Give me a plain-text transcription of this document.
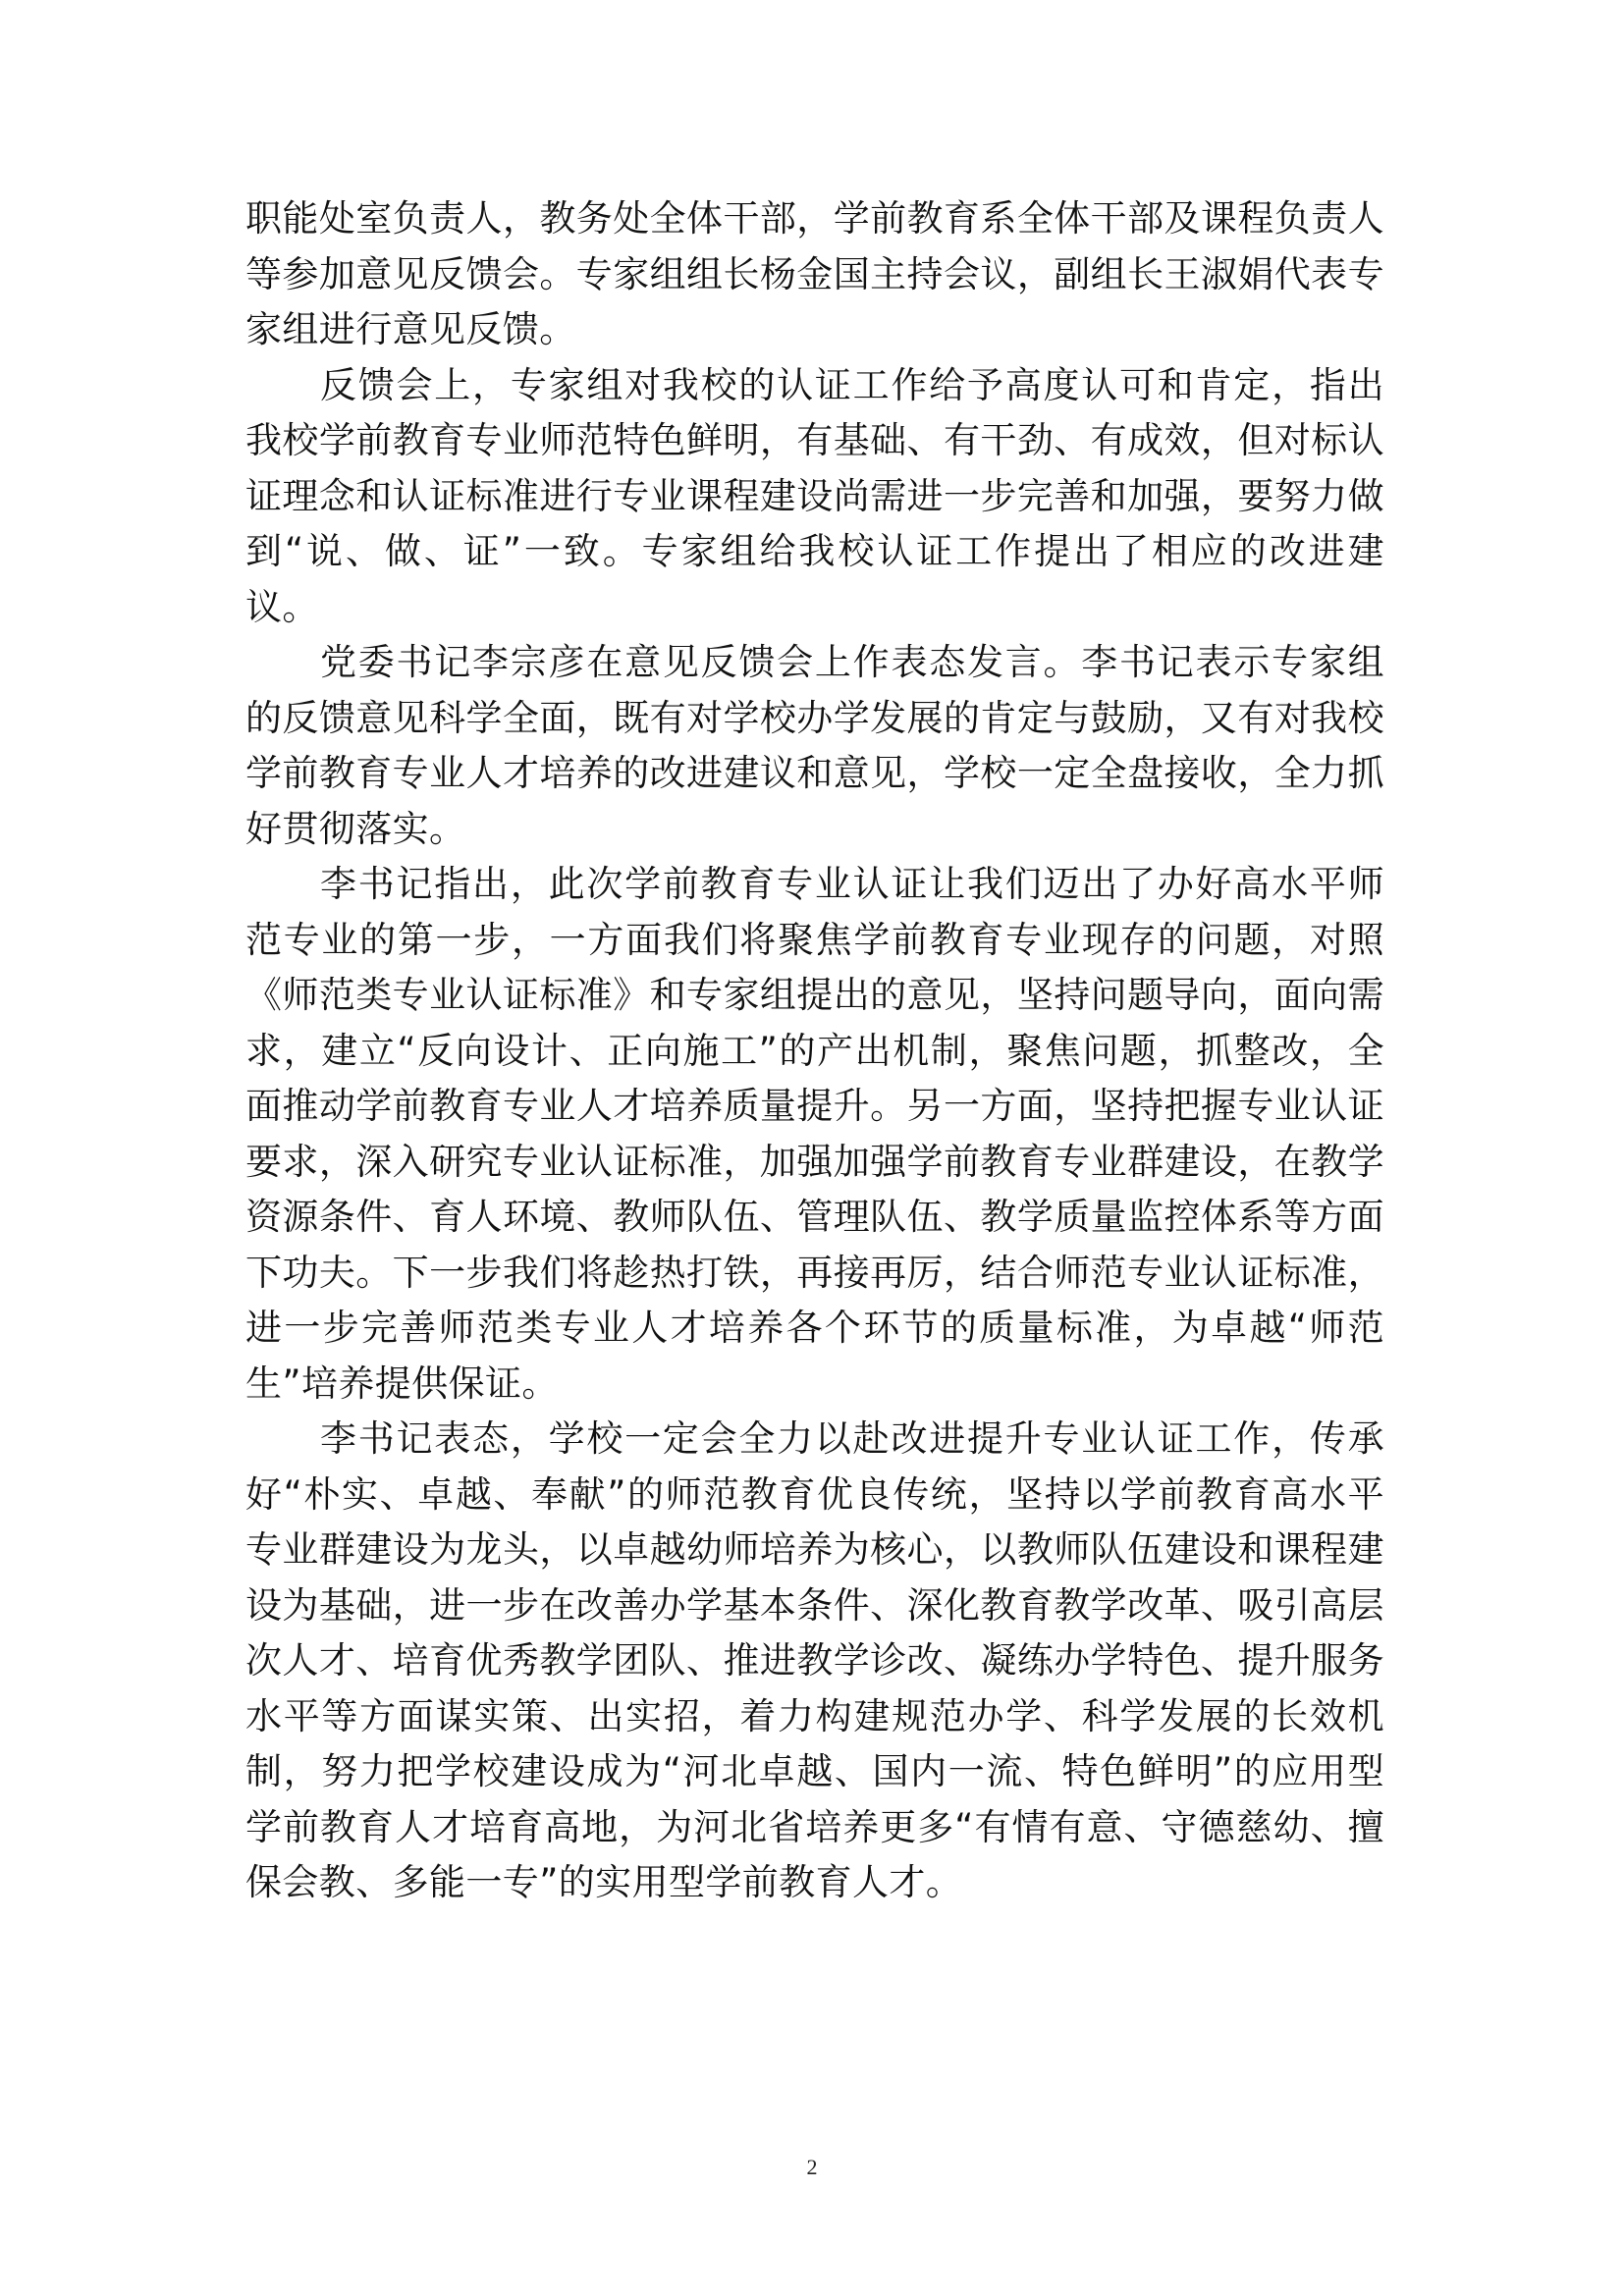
职能处室负责人，教务处全体干部，学前教育系全体干部及课程负责人等参加意见反馈会。专家组组长杨金国主持会议，副组长王淑娟代表专家组进行意见反馈。

反馈会上，专家组对我校的认证工作给予高度认可和肯定，指出我校学前教育专业师范特色鲜明，有基础、有干劲、有成效，但对标认证理念和认证标准进行专业课程建设尚需进一步完善和加强，要努力做到“说、做、证”一致。专家组给我校认证工作提出了相应的改进建议。

党委书记李宗彦在意见反馈会上作表态发言。李书记表示专家组的反馈意见科学全面，既有对学校办学发展的肯定与鼓励，又有对我校学前教育专业人才培养的改进建议和意见，学校一定全盘接收，全力抓好贯彻落实。

李书记指出，此次学前教育专业认证让我们迈出了办好高水平师范专业的第一步，一方面我们将聚焦学前教育专业现存的问题，对照《师范类专业认证标准》和专家组提出的意见，坚持问题导向，面向需求，建立“反向设计、正向施工”的产出机制，聚焦问题，抓整改，全面推动学前教育专业人才培养质量提升。另一方面，坚持把握专业认证要求，深入研究专业认证标准，加强加强学前教育专业群建设，在教学资源条件、育人环境、教师队伍、管理队伍、教学质量监控体系等方面下功夫。下一步我们将趁热打铁，再接再厉，结合师范专业认证标准，进一步完善师范类专业人才培养各个环节的质量标准，为卓越“师范生”培养提供保证。

李书记表态，学校一定会全力以赴改进提升专业认证工作，传承好“朴实、卓越、奉献”的师范教育优良传统，坚持以学前教育高水平专业群建设为龙头，以卓越幼师培养为核心，以教师队伍建设和课程建设为基础，进一步在改善办学基本条件、深化教育教学改革、吸引高层次人才、培育优秀教学团队、推进教学诊改、凝练办学特色、提升服务水平等方面谋实策、出实招，着力构建规范办学、科学发展的长效机制，努力把学校建设成为“河北卓越、国内一流、特色鲜明”的应用型学前教育人才培育高地，为河北省培养更多“有情有意、守德慈幼、擅保会教、多能一专”的实用型学前教育人才。

2
